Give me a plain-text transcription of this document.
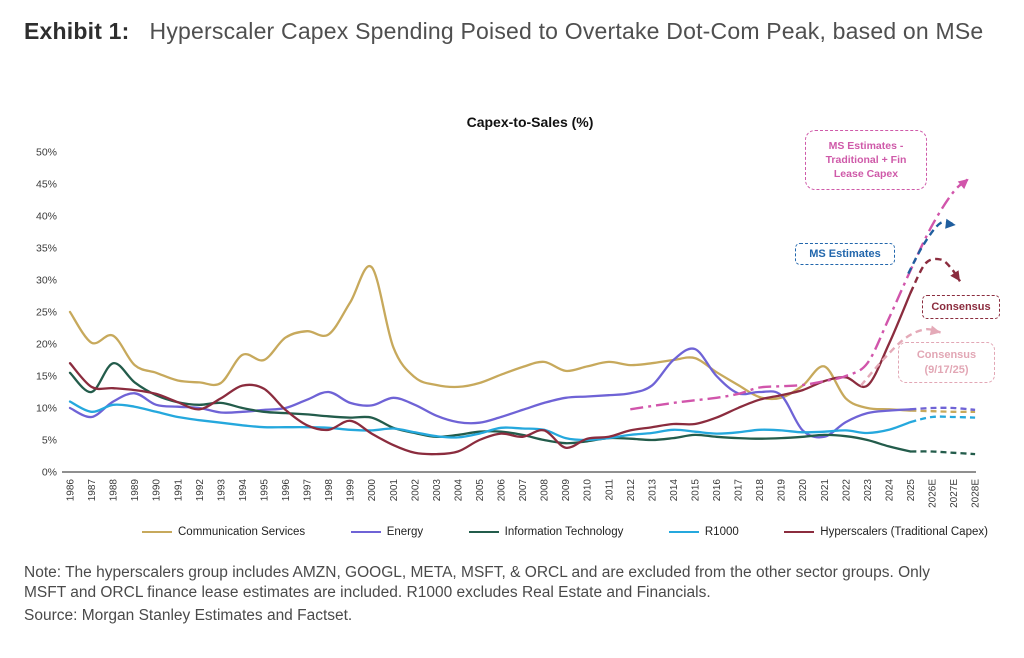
Exhibit 1: Hyperscaler Capex Spending Poised to Overtake Dot-Com Peak, based on MSe
Capex-to-Sales (%)
0%
5%
10%
15%
20%
25%
30%
35%
40%
45%
50%
1986 1987 1988 1989 1990 1991 1992 1993 1994 1995 1996 1997 1998 1999 2000 2001 2002 2003 2004 2005 2006 2007 2008 2009 2010 2011 2012 2013 2014 2015 2016 2017 2018 2019 2020 2021 2022 2023 2024 2025 2026E 2027E 2028E
MS Estimates -
Traditional + Fin
Lease Capex
MS Estimates
Consensus
Consensus
(9/17/25)
Communication Services	Energy	Information Technology	R1000	Hyperscalers (Traditional Capex)
Note: The hyperscalers group includes AMZN, GOOGL, META, MSFT, & ORCL and are excluded from the other sector groups. Only MSFT and ORCL finance lease estimates are included. R1000 excludes Real Estate and Financials.
Source: Morgan Stanley Estimates and Factset.
